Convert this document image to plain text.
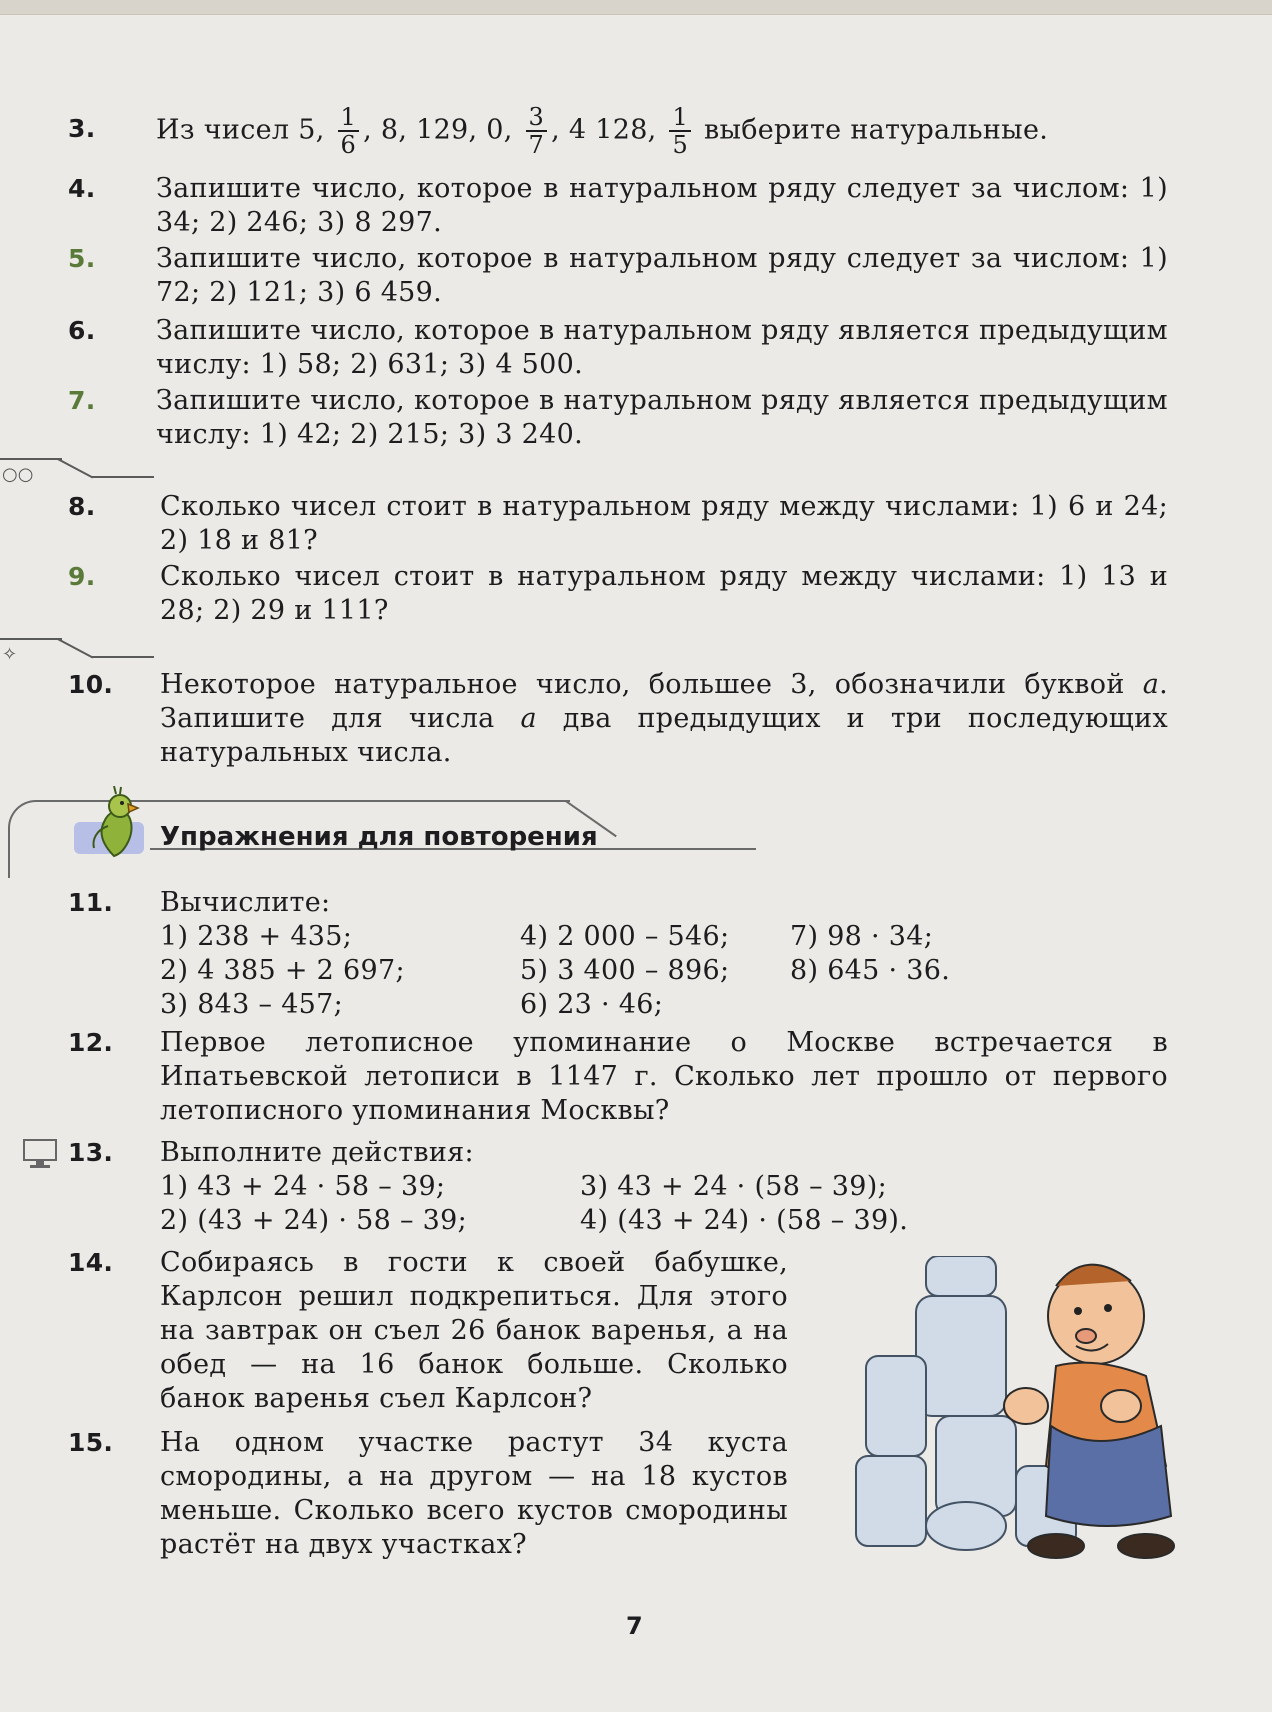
3.	Из чисел 5, $\frac{1}{6}$ , 8, 129, 0, $\frac{3}{7}$ , 4 128, $\frac{1}{5}$ выберите натуральные.
4.	Запишите число, которое в натуральном ряду следует за числом: 1) 34; 2) 246; 3) 8 297.
5.	Запишите число, которое в натуральном ряду следует за числом: 1) 72; 2) 121; 3) 6 459.
6.	Запишите число, которое в натуральном ряду является предыдущим числу: 1) 58; 2) 631; 3) 4 500.
7.	Запишите число, которое в натуральном ряду является предыдущим числу: 1) 42; 2) 215; 3) 3 240.
○○
8.	Сколько чисел стоит в натуральном ряду между числами: 1) 6 и 24; 2) 18 и 81?
9.	Сколько чисел стоит в натуральном ряду между числами: 1) 13 и 28; 2) 29 и 111?
✧
10.	Некоторое натуральное число, большее 3, обозначили буквой a. Запишите для числа a два предыдущих и три последующих натуральных числа.
Упражнения для повторения
11.	Вычислите:
1) 238 + 435;	4) 2 000 – 546;	7) 98 · 34;
2) 4 385 + 2 697;	5) 3 400 – 896;	8) 645 · 36.
3) 843 – 457;	6) 23 · 46;
12.	Первое летописное упоминание о Москве встречается в Ипатьевской летописи в 1147 г. Сколько лет прошло от первого летописного упоминания Москвы?
13.	Выполните действия:
1) 43 + 24 · 58 – 39;	3) 43 + 24 · (58 – 39);
2) (43 + 24) · 58 – 39;	4) (43 + 24) · (58 – 39).
14.	Собираясь в гости к своей бабушке, Карлсон решил подкрепиться. Для этого на завтрак он съел 26 банок варенья, а на обед — на 16 банок больше. Сколько банок варенья съел Карлсон?
15.	На одном участке растут 34 куста смородины, а на другом — на 18 кустов меньше. Сколько всего кустов смородины растёт на двух участках?
7
